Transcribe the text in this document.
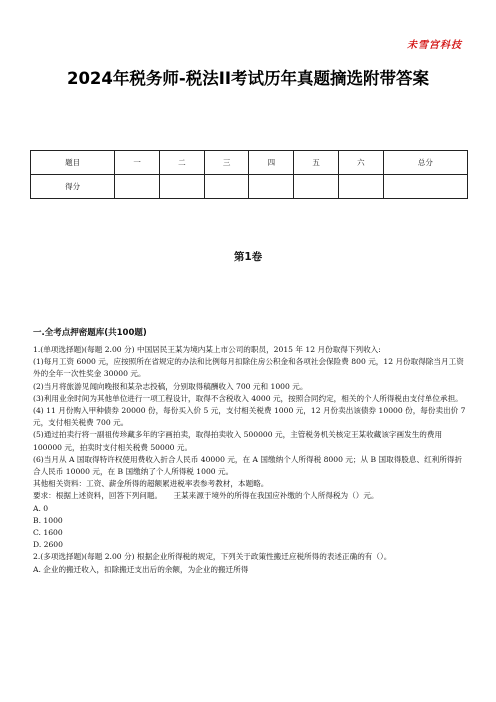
未雪宫科技
2024年税务师-税法II考试历年真题摘选附带答案
题目	一	二	三	四	五	六	总分
得分							
第1卷
一.全考点押密题库(共100题)

1.(单项选择题)(每题 2.00 分) 中国居民王某为境内某上市公司的职员，2015 年 12 月份取得下列收入:

(1)每月工资 6000 元，应按照所在省规定的办法和比例每月扣除住房公积金和各项社会保险费 800 元，12 月份取得除当月工资外的全年一次性奖金 30000 元。

(2)当月将旅游见闻向晚报和某杂志投稿，分别取得稿酬收入 700 元和 1000 元。

(3)利用业余时间为其他单位进行一项工程设计，取得不含税收入 4000 元，按照合同约定，相关的个人所得税由支付单位承担。

(4) 11 月份购入甲种债券 20000 份，每份买入价 5 元，支付相关税费 1000 元，12 月份卖出该债券 10000 份，每份卖出价 7 元，支付相关税费 700 元。

(5)通过拍卖行将一副祖传珍藏多年的字画拍卖，取得拍卖收入 500000 元，主管税务机关核定王某收藏该字画发生的费用 100000 元，拍卖时支付相关税费 50000 元。

(6)当月从 A 国取得特许权使用费收入折合人民币 40000 元，在 A 国缴纳个人所得税 8000 元；从 B 国取得股息、红利所得折合人民币 10000 元，在 B 国缴纳了个人所得税 1000 元。

其他相关资料：工资、薪金所得的超额累进税率表参考教材，本题略。

要求：根据上述资料，回答下列问题。　　王某来源于境外的所得在我国应补缴的个人所得税为（）元。

A. 0

B. 1000

C. 1600

D. 2600

2.(多项选择题)(每题 2.00 分) 根据企业所得税的规定，下列关于政策性搬迁应税所得的表述正确的有（）。

A. 企业的搬迁收入，扣除搬迁支出后的余额，为企业的搬迁所得
